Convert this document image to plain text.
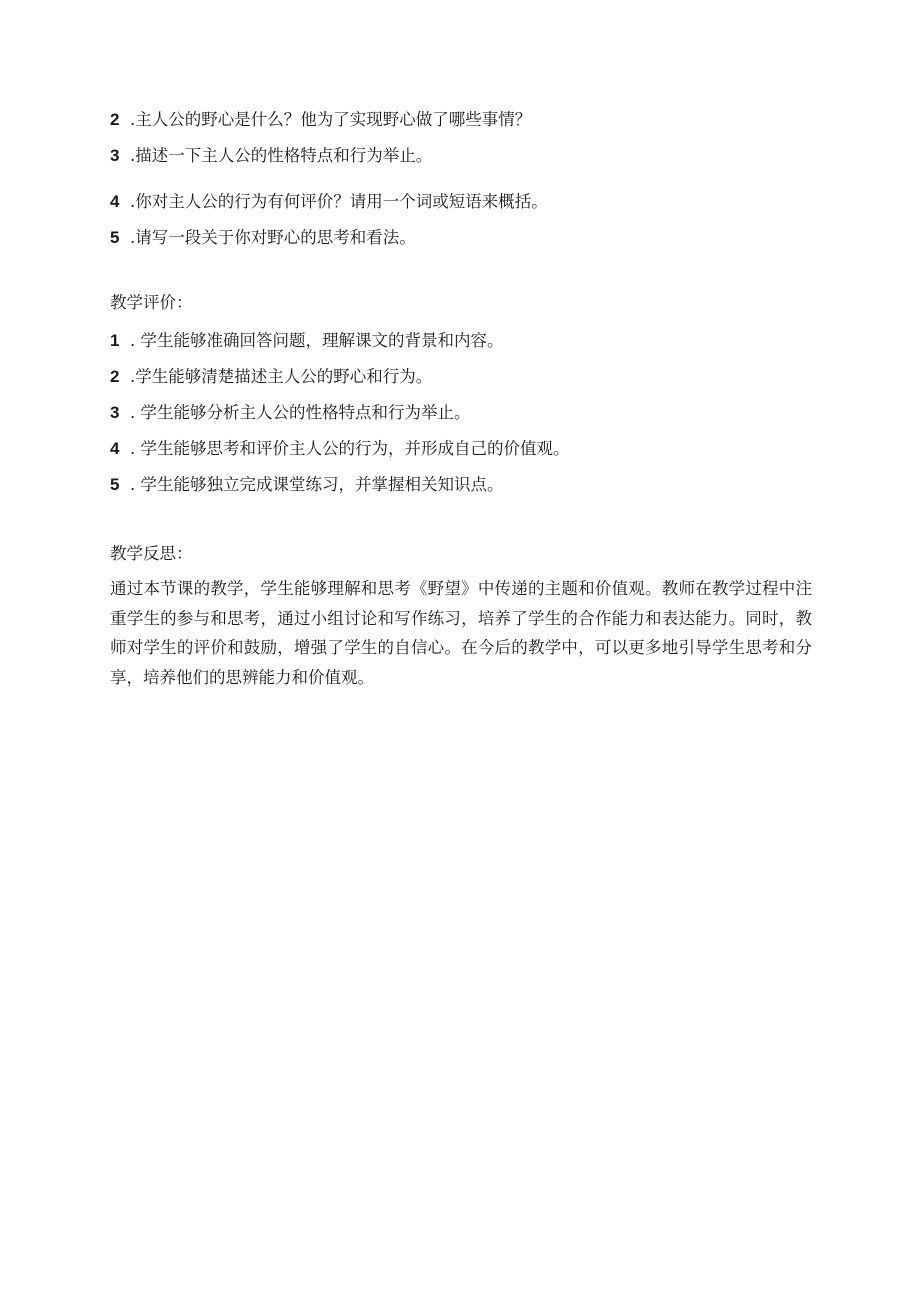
2 .主人公的野心是什么？他为了实现野心做了哪些事情？
3 .描述一下主人公的性格特点和行为举止。
4 .你对主人公的行为有何评价？请用一个词或短语来概括。
5 .请写一段关于你对野心的思考和看法。
教学评价：
1 . 学生能够准确回答问题，理解课文的背景和内容。
2 .学生能够清楚描述主人公的野心和行为。
3 . 学生能够分析主人公的性格特点和行为举止。
4 . 学生能够思考和评价主人公的行为，并形成自己的价值观。
5 . 学生能够独立完成课堂练习，并掌握相关知识点。
教学反思：
通过本节课的教学，学生能够理解和思考《野望》中传递的主题和价值观。教师在教学过程中注重学生的参与和思考，通过小组讨论和写作练习，培养了学生的合作能力和表达能力。同时，教师对学生的评价和鼓励，增强了学生的自信心。在今后的教学中，可以更多地引导学生思考和分享，培养他们的思辨能力和价值观。
